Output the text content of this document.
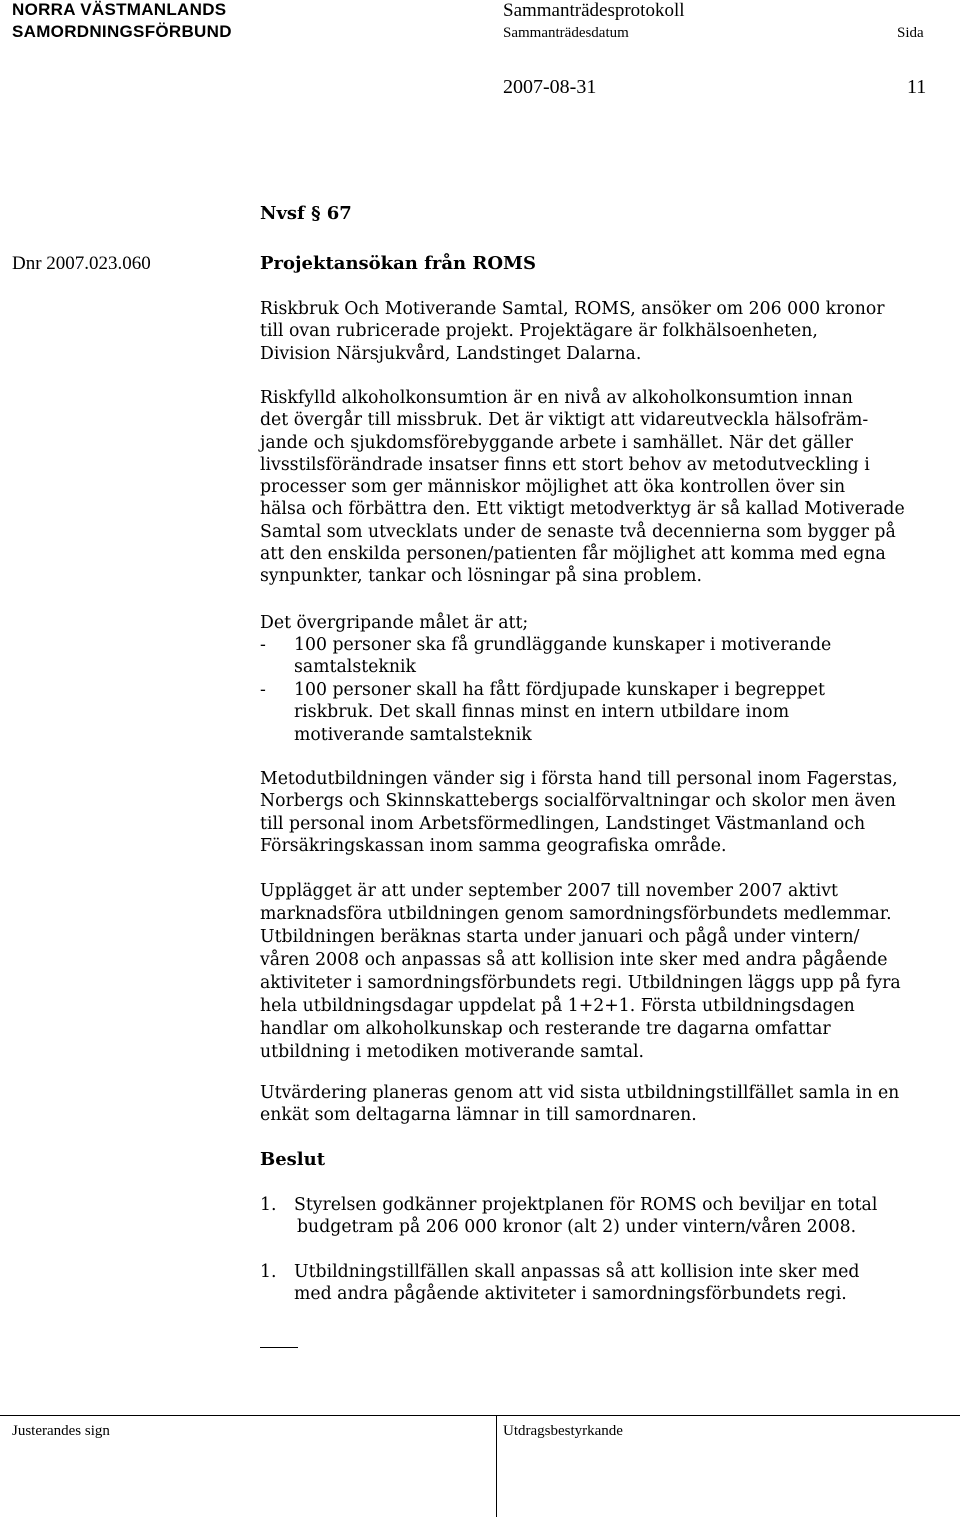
NORRA VÄSTMANLANDS
SAMORDNINGSFÖRBUND
Sammanträdesprotokoll
Sammanträdesdatum	Sida
2007-08-31	11
Nvsf § 67
Dnr 2007.023.060	Projektansökan från ROMS
Riskbruk Och Motiverande Samtal, ROMS, ansöker om 206 000 kronor
till ovan rubricerade projekt. Projektägare är folkhälsoenheten,
Division Närsjukvård, Landstinget Dalarna.
Riskfylld alkoholkonsumtion är en nivå av alkoholkonsumtion innan
det övergår till missbruk. Det är viktigt att vidareutveckla hälsofräm-
jande och sjukdomsförebyggande arbete i samhället. När det gäller
livsstilsförändrade insatser finns ett stort behov av metodutveckling i
processer som ger människor möjlighet att öka kontrollen över sin
hälsa och förbättra den. Ett viktigt metodverktyg är så kallad Motiverade
Samtal som utvecklats under de senaste två decennierna som bygger på
att den enskilda personen/patienten får möjlighet att komma med egna
synpunkter, tankar och lösningar på sina problem.
Det övergripande målet är att;
- 100 personer ska få grundläggande kunskaper i motiverande
samtalsteknik
- 100 personer skall ha fått fördjupade kunskaper i begreppet
riskbruk. Det skall finnas minst en intern utbildare inom
motiverande samtalsteknik
Metodutbildningen vänder sig i första hand till personal inom Fagerstas,
Norbergs och Skinnskattebergs socialförvaltningar och skolor men även
till personal inom Arbetsförmedlingen, Landstinget Västmanland och
Försäkringskassan inom samma geografiska område.
Upplägget är att under september 2007 till november 2007 aktivt
marknadsföra utbildningen genom samordningsförbundets medlemmar.
Utbildningen beräknas starta under januari och pågå under vintern/
våren 2008 och anpassas så att kollision inte sker med andra pågående
aktiviteter i samordningsförbundets regi. Utbildningen läggs upp på fyra
hela utbildningsdagar uppdelat på 1+2+1. Första utbildningsdagen
handlar om alkoholkunskap och resterande tre dagarna omfattar
utbildning i metodiken motiverande samtal.
Utvärdering planeras genom att vid sista utbildningstillfället samla in en
enkät som deltagarna lämnar in till samordnaren.
Beslut
1. Styrelsen godkänner projektplanen för ROMS och beviljar en total
budgetram på 206 000 kronor (alt 2) under vintern/våren 2008.
1. Utbildningstillfällen skall anpassas så att kollision inte sker med
med andra pågående aktiviteter i samordningsförbundets regi.
Justerandes sign	Utdragsbestyrkande
